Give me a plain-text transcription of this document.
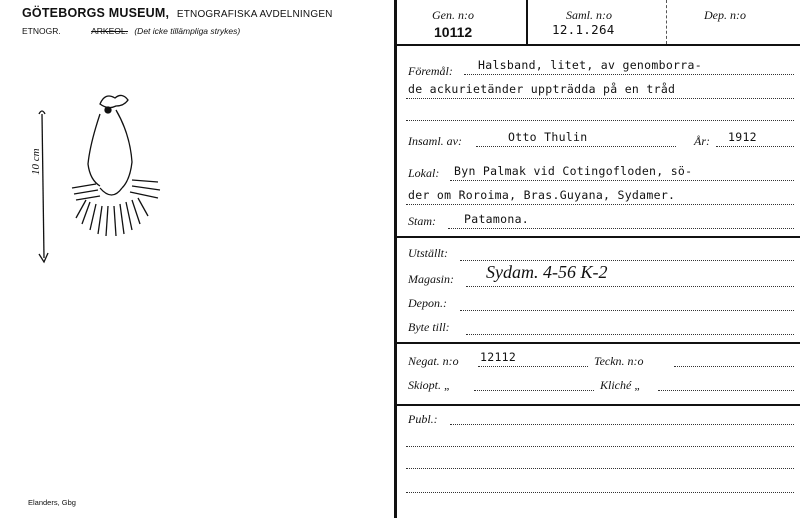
GÖTEBORGS MUSEUM, ETNOGRAFISKA AVDELNINGEN
ETNOGR.	ARKEOL. (Det icke tillämpliga strykes)
10 cm
Elanders, Gbg
Gen. n:o
10112
Saml. n:o
12.1.264
Dep. n:o
Föremål: Halsband, litet, av genomborra-
de ackurietänder uppträdda på en tråd
Insaml. av:	Otto Thulin	År: 1912
Lokal: Byn Palmak vid Cotingofloden, sö-
der om Roroima, Bras.Guyana, Sydamer.
Stam: Patamona.
Utställt:
Magasin: Sydam. 4-56 K-2
Depon.:
Byte till:
Negat. n:o 12112	Teckn. n:o
Skiopt. „	Kliché „
Publ.:
